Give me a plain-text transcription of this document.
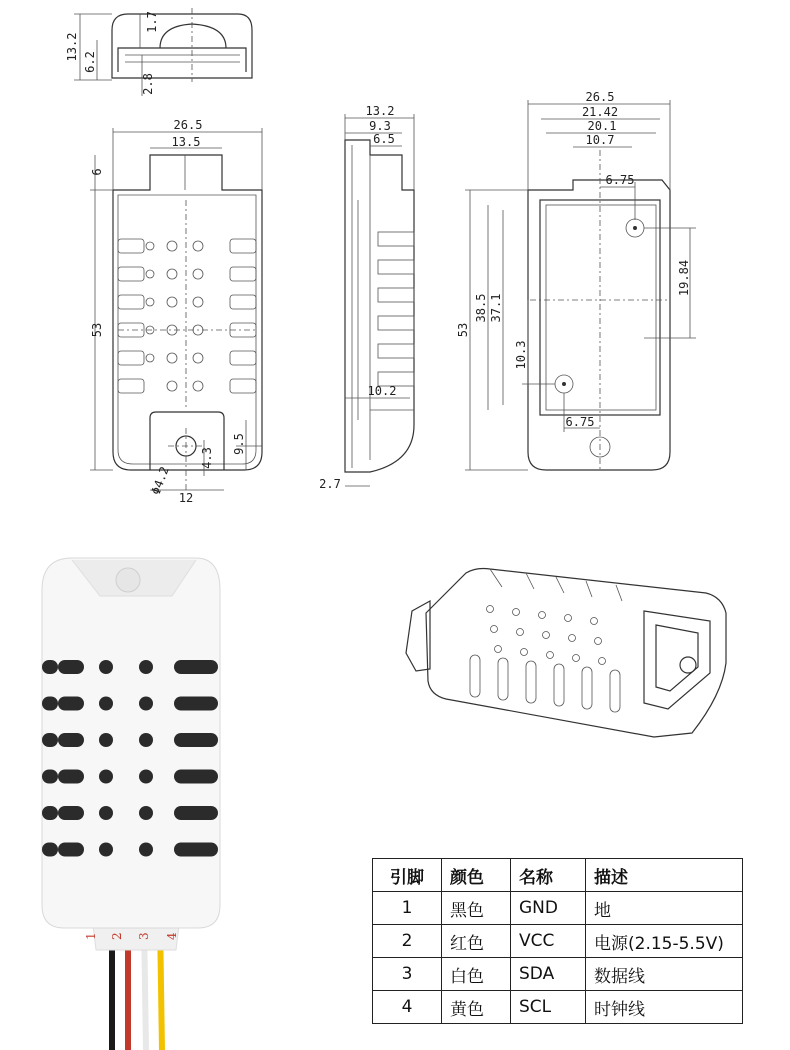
13.2
6.2
1.7
2.8
26.5
13.5
6
53
Φ4.2
4.3
9.5
12
13.2
9.3
6.5
10.2
2.7
26.5
21.42
20.1
10.7
6.75
19.84
53
38.5 37.1
10.3
6.75
1 2 3 4
引脚	颜色	名称	描述
1	黑色	GND	地
2	红色	VCC	电源(2.15-5.5V)
3	白色	SDA	数据线
4	黄色	SCL	时钟线
